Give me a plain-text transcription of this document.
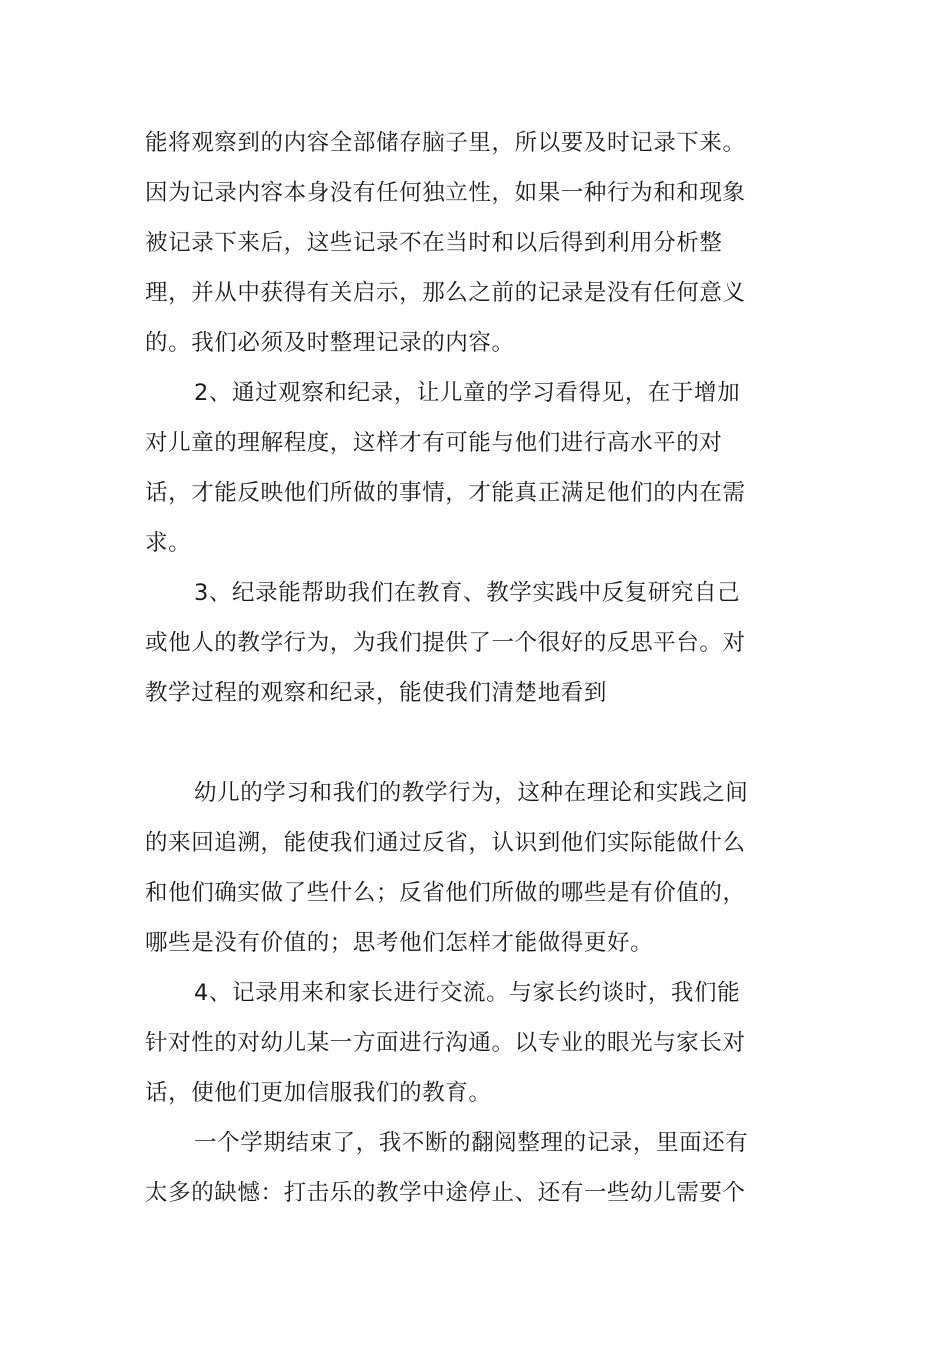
能将观察到的内容全部储存脑子里，所以要及时记录下来。
因为记录内容本身没有任何独立性，如果一种行为和和现象
被记录下来后，这些记录不在当时和以后得到利用分析整
理，并从中获得有关启示，那么之前的记录是没有任何意义
的。我们必须及时整理记录的内容。
2、通过观察和纪录，让儿童的学习看得见，在于增加
对儿童的理解程度，这样才有可能与他们进行高水平的对
话，才能反映他们所做的事情，才能真正满足他们的内在需
求。
3、纪录能帮助我们在教育、教学实践中反复研究自己
或他人的教学行为，为我们提供了一个很好的反思平台。对
教学过程的观察和纪录，能使我们清楚地看到
幼儿的学习和我们的教学行为，这种在理论和实践之间
的来回追溯，能使我们通过反省，认识到他们实际能做什么
和他们确实做了些什么；反省他们所做的哪些是有价值的，
哪些是没有价值的；思考他们怎样才能做得更好。
4、记录用来和家长进行交流。与家长约谈时，我们能
针对性的对幼儿某一方面进行沟通。以专业的眼光与家长对
话，使他们更加信服我们的教育。
一个学期结束了，我不断的翻阅整理的记录，里面还有
太多的缺憾：打击乐的教学中途停止、还有一些幼儿需要个
